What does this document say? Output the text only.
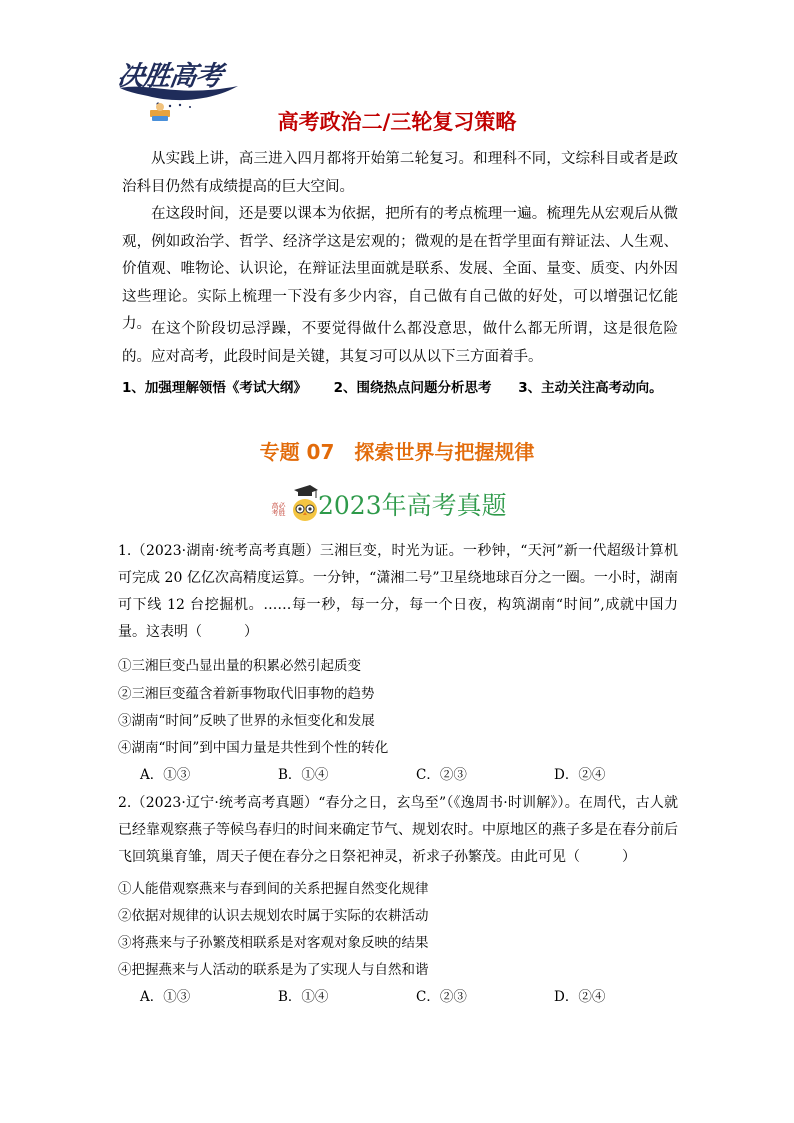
决胜高考
高考政治二/三轮复习策略

从实践上讲，高三进入四月都将开始第二轮复习。和理科不同，文综科目或者是政治科目仍然有成绩提高的巨大空间。

在这段时间，还是要以课本为依据，把所有的考点梳理一遍。梳理先从宏观后从微观，例如政治学、哲学、经济学这是宏观的；微观的是在哲学里面有辩证法、人生观、价值观、唯物论、认识论，在辩证法里面就是联系、发展、全面、量变、质变、内外因这些理论。实际上梳理一下没有多少内容，自己做有自己做的好处，可以增强记忆能力。 在这个阶段切忌浮躁，不要觉得做什么都没意思，做什么都无所谓，这是很危险的。应对高考，此段时间是关键，其复习可以从以下三方面着手。

1、加强理解领悟《考试大纲》 2、围绕热点问题分析思考 3、主动关注高考动向。
专题 07　探索世界与把握规律
高考 必胜 2023年高考真题

1.（2023·湖南·统考高考真题）三湘巨变，时光为证。一秒钟，“天河”新一代超级计算机可完成 20 亿亿次高精度运算。一分钟，“潇湘二号”卫星绕地球百分之一圈。一小时，湖南可下线 12 台挖掘机。……每一秒，每一分，每一个日夜，构筑湖南“时间”,成就中国力量。这表明（　　　）

①三湘巨变凸显出量的积累必然引起质变
②三湘巨变蕴含着新事物取代旧事物的趋势
③湖南“时间”反映了世界的永恒变化和发展
④湖南“时间”到中国力量是共性到个性的转化
A．①③	B．①④	C．②③	D．②④

2.（2023·辽宁·统考高考真题）“春分之日，玄鸟至”（《逸周书·时训解》）。在周代，古人就已经靠观察燕子等候鸟春归的时间来确定节气、规划农时。中原地区的燕子多是在春分前后飞回筑巢育雏，周天子便在春分之日祭祀神灵，祈求子孙繁茂。由此可见（　　　）

①人能借观察燕来与春到间的关系把握自然变化规律
②依据对规律的认识去规划农时属于实际的农耕活动
③将燕来与子孙繁茂相联系是对客观对象反映的结果
④把握燕来与人活动的联系是为了实现人与自然和谐
A．①③	B．①④	C．②③	D．②④
